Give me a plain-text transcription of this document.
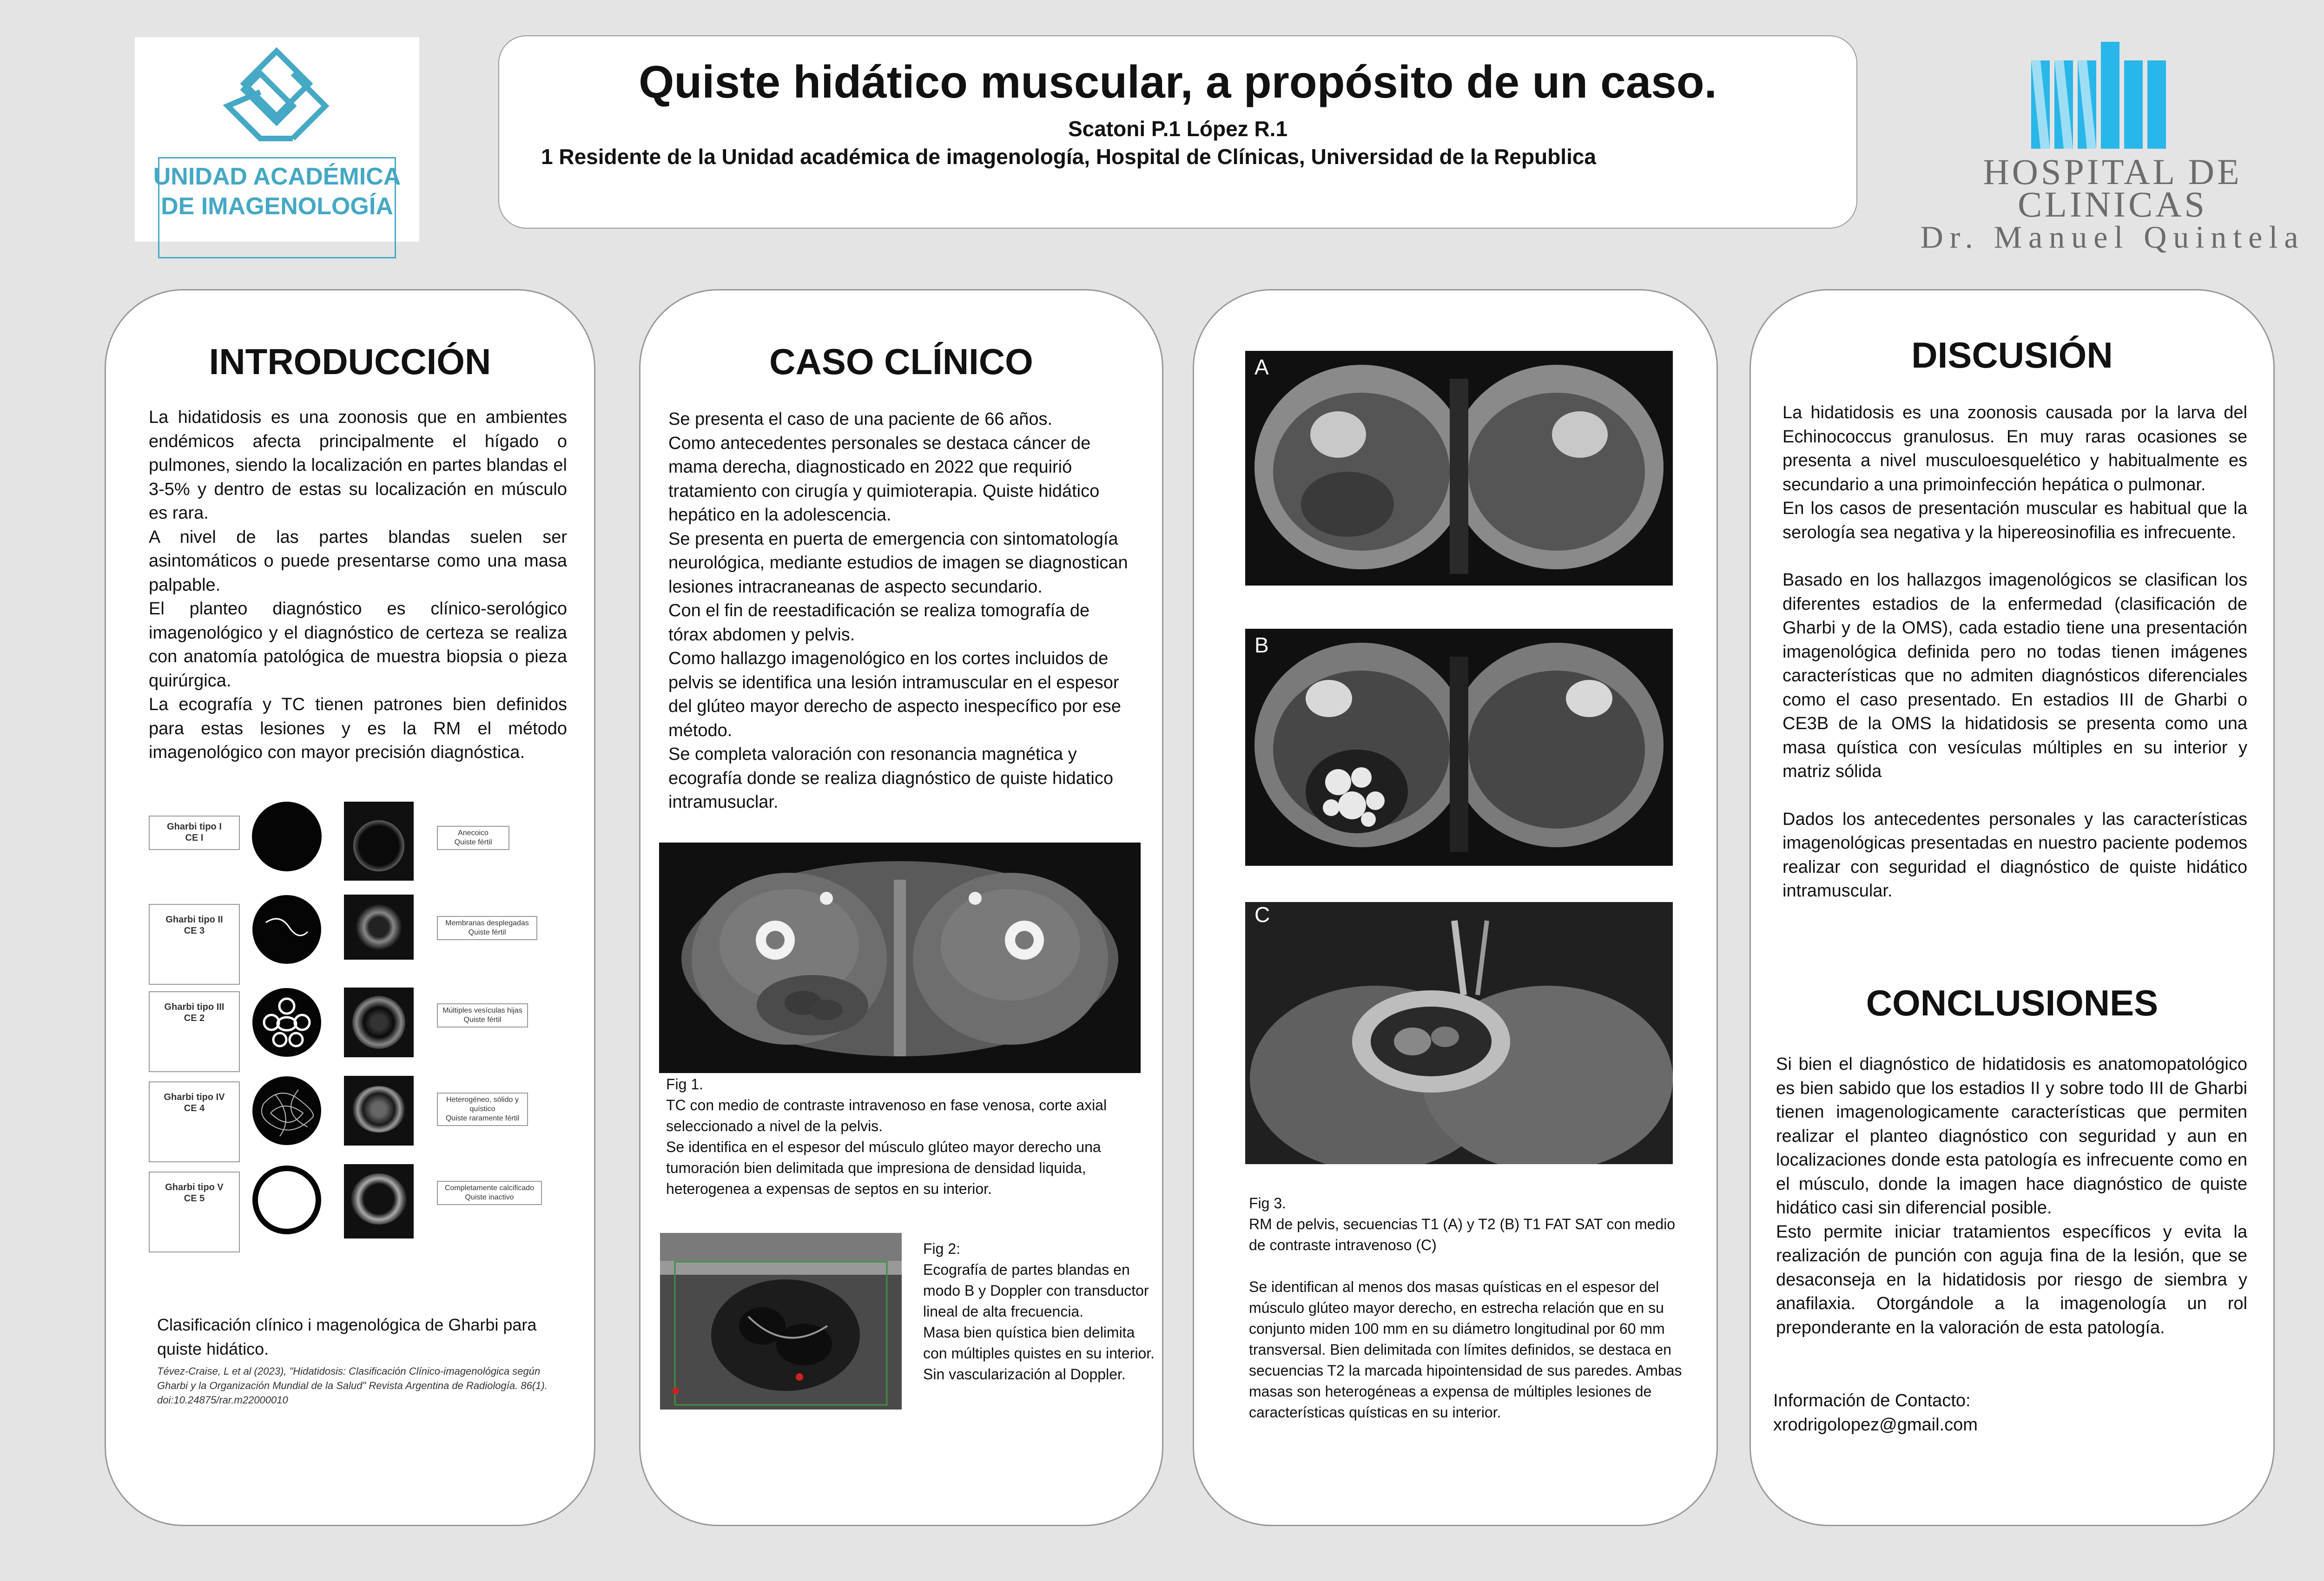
UNIDAD ACADÉMICA
DE IMAGENOLOGÍA
Quiste hidático muscular, a propósito de un caso.
Scatoni P.1 López R.1
1 Residente de la Unidad académica de imagenología, Hospital de Clínicas, Universidad de la Republica	HOSPITAL DE CLINICAS
Dr. Manuel Quintela
INTRODUCCIÓN

La hidatidosis es una zoonosis que en ambientes endémicos afecta principalmente el hígado o pulmones, siendo la localización en partes blandas el 3-5% y dentro de estas su localización en músculo es rara.

A nivel de las partes blandas suelen ser asintomáticos o puede presentarse como una masa palpable.

El planteo diagnóstico es clínico-serológico imagenológico y el diagnóstico de certeza se realiza con anatomía patológica de muestra biopsia o pieza quirúrgica.

La ecografía y TC tienen patrones bien definidos para estas lesiones y es la RM el método imagenológico con mayor precisión diagnóstica.

Gharbi tipo I
CE I	Anecoico
Quiste fértil
Gharbi tipo II
CE 3
Membranas desplegadas
Quiste fértil
Gharbi tipo III
CE 2
Múltiples vesículas hijas
Quiste fértil
Gharbi tipo IV
CE 4
Heterogéneo, sólido y quístico
Quiste raramente fértil
Gharbi tipo V
CE 5
Completamente calcificado
Quiste inactivo
Clasificación clínico i magenológica de Gharbi para quiste hidático.
Tévez-Craise, L et al (2023), "Hidatidosis: Clasificación Clínico-imagenológica según Gharbi y la Organización Mundial de la Salud" Revista Argentina de Radiología. 86(1). doi:10.24875/rar.m22000010
CASO CLÍNICO

Se presenta el caso de una paciente de 66 años.

Como antecedentes personales se destaca cáncer de mama derecha, diagnosticado en 2022 que requirió tratamiento con cirugía y quimioterapia. Quiste hidático hepático en la adolescencia.

Se presenta en puerta de emergencia con sintomatología neurológica, mediante estudios de imagen se diagnostican lesiones intracraneanas de aspecto secundario.

Con el fin de reestadificación se realiza tomografía de tórax abdomen y pelvis.

Como hallazgo imagenológico en los cortes incluidos de pelvis se identifica una lesión intramuscular en el espesor del glúteo mayor derecho de aspecto inespecífico por ese método.

Se completa valoración con resonancia magnética y ecografía donde se realiza diagnóstico de quiste hidatico intramusuclar.

Fig 1.
TC con medio de contraste intravenoso en fase venosa, corte axial seleccionado a nivel de la pelvis.
Se identifica en el espesor del músculo glúteo mayor derecho una tumoración bien delimitada que impresiona de densidad liquida, heterogenea a expensas de septos en su interior.
Fig 2:
Ecografía de partes blandas en modo B y Doppler con transductor lineal de alta frecuencia.
Masa bien quística bien delimita con múltiples quistes en su interior. Sin vascularización al Doppler.
A
B
C
Fig 3.
RM de pelvis, secuencias T1 (A) y T2 (B) T1 FAT SAT con medio de contraste intravenoso (C)
Se identifican al menos dos masas quísticas en el espesor del músculo glúteo mayor derecho, en estrecha relación que en su conjunto miden 100 mm en su diámetro longitudinal por 60 mm transversal. Bien delimitada con límites definidos, se destaca en secuencias T2 la marcada hipointensidad de sus paredes. Ambas masas son heterogéneas a expensa de múltiples lesiones de características quísticas en su interior.
DISCUSIÓN

La hidatidosis es una zoonosis causada por la larva del Echinococcus granulosus. En muy raras ocasiones se presenta a nivel musculoesquelético y habitualmente es secundario a una primoinfección hepática o pulmonar.

En los casos de presentación muscular es habitual que la serología sea negativa y la hipereosinofilia es infrecuente.

Basado en los hallazgos imagenológicos se clasifican los diferentes estadios de la enfermedad (clasificación de Gharbi y de la OMS), cada estadio tiene una presentación imagenológica definida pero no todas tienen imágenes características que no admiten diagnósticos diferenciales como el caso presentado. En estadios III de Gharbi o CE3B de la OMS la hidatidosis se presenta como una masa quística con vesículas múltiples en su interior y matriz sólida

Dados los antecedentes personales y las características imagenológicas presentadas en nuestro paciente podemos realizar con seguridad el diagnóstico de quiste hidático intramuscular.

CONCLUSIONES

Si bien el diagnóstico de hidatidosis es anatomopatológico es bien sabido que los estadios II y sobre todo III de Gharbi tienen imagenologicamente características que permiten realizar el planteo diagnóstico con seguridad y aun en localizaciones donde esta patología es infrecuente como en el músculo, donde la imagen hace diagnóstico de quiste hidático casi sin diferencial posible.

Esto permite iniciar tratamientos específicos y evita la realización de punción con aguja fina de la lesión, que se desaconseja en la hidatidosis por riesgo de siembra y anafilaxia. Otorgándole a la imagenología un rol preponderante en la valoración de esta patología.

Información de Contacto:
xrodrigolopez@gmail.com
